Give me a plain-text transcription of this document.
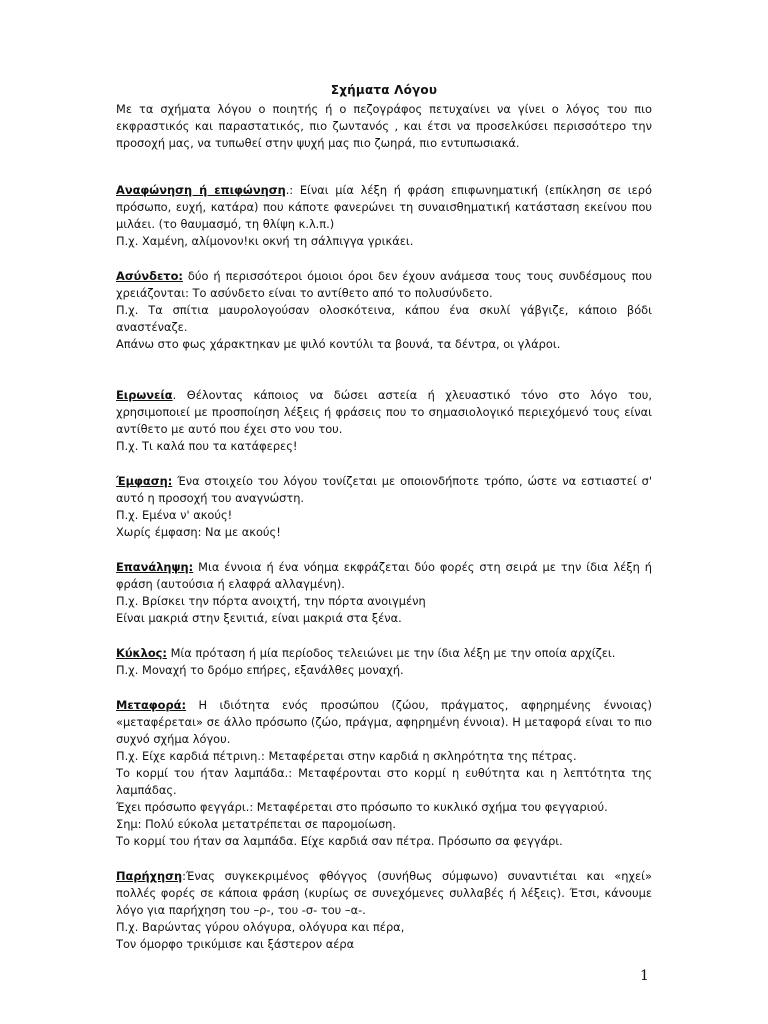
Σχήματα Λόγου

Με τα σχήματα λόγου ο ποιητής ή ο πεζογράφος πετυχαίνει να γίνει ο λόγος του πιο εκφραστικός και παραστατικός, πιο ζωντανός , και έτσι να προσελκύσει περισσότερο την προσοχή μας, να τυπωθεί στην ψυχή μας πιο ζωηρά, πιο εντυπωσιακά.

Αναφώνηση ή επιφώνηση.: Είναι μία λέξη ή φράση επιφωνηματική (επίκληση σε ιερό πρόσωπο, ευχή, κατάρα) που κάποτε φανερώνει τη συναισθηματική κατάσταση εκείνου που μιλάει. (το θαυμασμό, τη θλίψη κ.λ.π.)

Π.χ. Χαμένη, αλίμονον!κι οκνή τη σάλπιγγα γρικάει.

Ασύνδετο: δύο ή περισσότεροι όμοιοι όροι δεν έχουν ανάμεσα τους τους συνδέσμους που χρειάζονται: Το ασύνδετο είναι το αντίθετο από το πολυσύνδετο.

Π.χ. Τα σπίτια μαυρολογούσαν ολοσκότεινα, κάπου ένα σκυλί γάβγιζε, κάποιο βόδι αναστέναζε.

Απάνω στο φως χάρακτηκαν με ψιλό κοντύλι τα βουνά, τα δέντρα, οι γλάροι.

Ειρωνεία. Θέλοντας κάποιος να δώσει αστεία ή χλευαστικό τόνο στο λόγο του, χρησιμοποιεί με προσποίηση λέξεις ή φράσεις που το σημασιολογικό περιεχόμενό τους είναι αντίθετο με αυτό που έχει στο νου του.

Π.χ. Τι καλά που τα κατάφερες!

Έμφαση: Ένα στοιχείο του λόγου τονίζεται με οποιονδήποτε τρόπο, ώστε να εστιαστεί σ' αυτό η προσοχή του αναγνώστη.

Π.χ. Εμένα ν' ακούς!

Χωρίς έμφαση: Να με ακούς!

Επανάληψη: Μια έννοια ή ένα νόημα εκφράζεται δύο φορές στη σειρά με την ίδια λέξη ή φράση (αυτούσια ή ελαφρά αλλαγμένη).

Π.χ. Βρίσκει την πόρτα ανοιχτή, την πόρτα ανοιγμένη

Είναι μακριά στην ξενιτιά, είναι μακριά στα ξένα.

Κύκλος: Μία πρόταση ή μία περίοδος τελειώνει με την ίδια λέξη με την οποία αρχίζει.

Π.χ. Μοναχή το δρόμο επήρες, εξανάλθες μοναχή.

Μεταφορά: Η ιδιότητα ενός προσώπου (ζώου, πράγματος, αφηρημένης έννοιας) «μεταφέρεται» σε άλλο πρόσωπο (ζώο, πράγμα, αφηρημένη έννοια). Η μεταφορά είναι το πιο συχνό σχήμα λόγου.

Π.χ. Είχε καρδιά πέτρινη.: Μεταφέρεται στην καρδιά η σκληρότητα της πέτρας.

Το κορμί του ήταν λαμπάδα.: Μεταφέρονται στο κορμί η ευθύτητα και η λεπτότητα της λαμπάδας.

Έχει πρόσωπο φεγγάρι.: Μεταφέρεται στο πρόσωπο το κυκλικό σχήμα του φεγγαριού.

Σημ: Πολύ εύκολα μετατρέπεται σε παρομοίωση.

Το κορμί του ήταν σα λαμπάδα. Είχε καρδιά σαν πέτρα. Πρόσωπο σα φεγγάρι.

Παρήχηση:Ένας συγκεκριμένος φθόγγος (συνήθως σύμφωνο) συναντιέται και «ηχεί» πολλές φορές σε κάποια φράση (κυρίως σε συνεχόμενες συλλαβές ή λέξεις). Έτσι, κάνουμε λόγο για παρήχηση του –ρ-, του -σ- του –α-.

Π.χ. Βαρώντας γύρου ολόγυρα, ολόγυρα και πέρα,

Τον όμορφο τρικύμισε και ξάστερον αέρα

1
